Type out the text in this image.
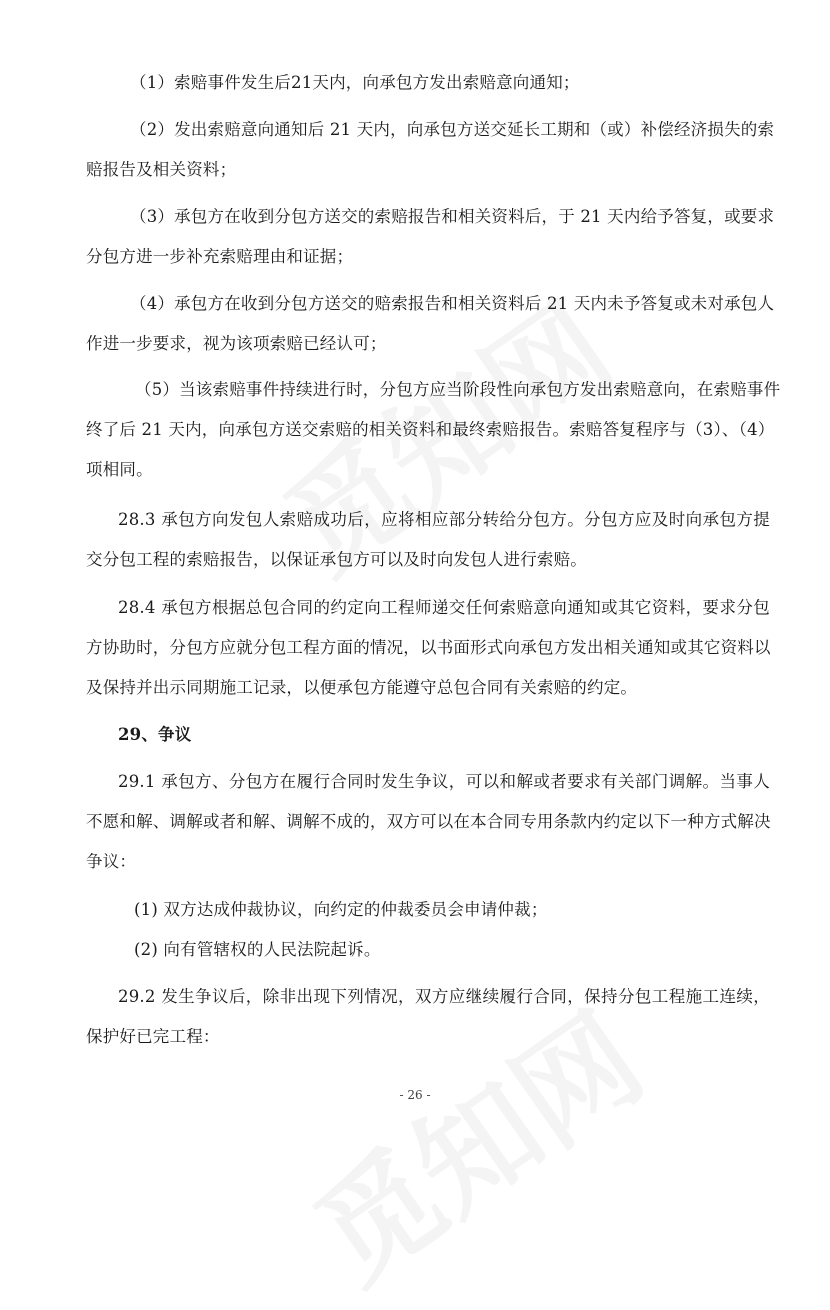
（1）索赔事件发生后21天内，向承包方发出索赔意向通知；
（2）发出索赔意向通知后 21 天内，向承包方送交延长工期和（或）补偿经济损失的索
赔报告及相关资料；
（3）承包方在收到分包方送交的索赔报告和相关资料后，于 21 天内给予答复，或要求
分包方进一步补充索赔理由和证据；
（4）承包方在收到分包方送交的赔索报告和相关资料后 21 天内未予答复或未对承包人
作进一步要求，视为该项索赔已经认可；
（5）当该索赔事件持续进行时，分包方应当阶段性向承包方发出索赔意向，在索赔事件
终了后 21 天内，向承包方送交索赔的相关资料和最终索赔报告。索赔答复程序与（3）、（4）
项相同。
28.3 承包方向发包人索赔成功后，应将相应部分转给分包方。分包方应及时向承包方提
交分包工程的索赔报告，以保证承包方可以及时向发包人进行索赔。
28.4 承包方根据总包合同的约定向工程师递交任何索赔意向通知或其它资料，要求分包
方协助时，分包方应就分包工程方面的情况，以书面形式向承包方发出相关通知或其它资料以
及保持并出示同期施工记录，以便承包方能遵守总包合同有关索赔的约定。
29、争议
29.1 承包方、分包方在履行合同时发生争议，可以和解或者要求有关部门调解。当事人
不愿和解、调解或者和解、调解不成的，双方可以在本合同专用条款内约定以下一种方式解决
争议：
(1) 双方达成仲裁协议，向约定的仲裁委员会申请仲裁；
(2) 向有管辖权的人民法院起诉。
29.2 发生争议后，除非出现下列情况，双方应继续履行合同，保持分包工程施工连续，
保护好已完工程：
- 26 -
